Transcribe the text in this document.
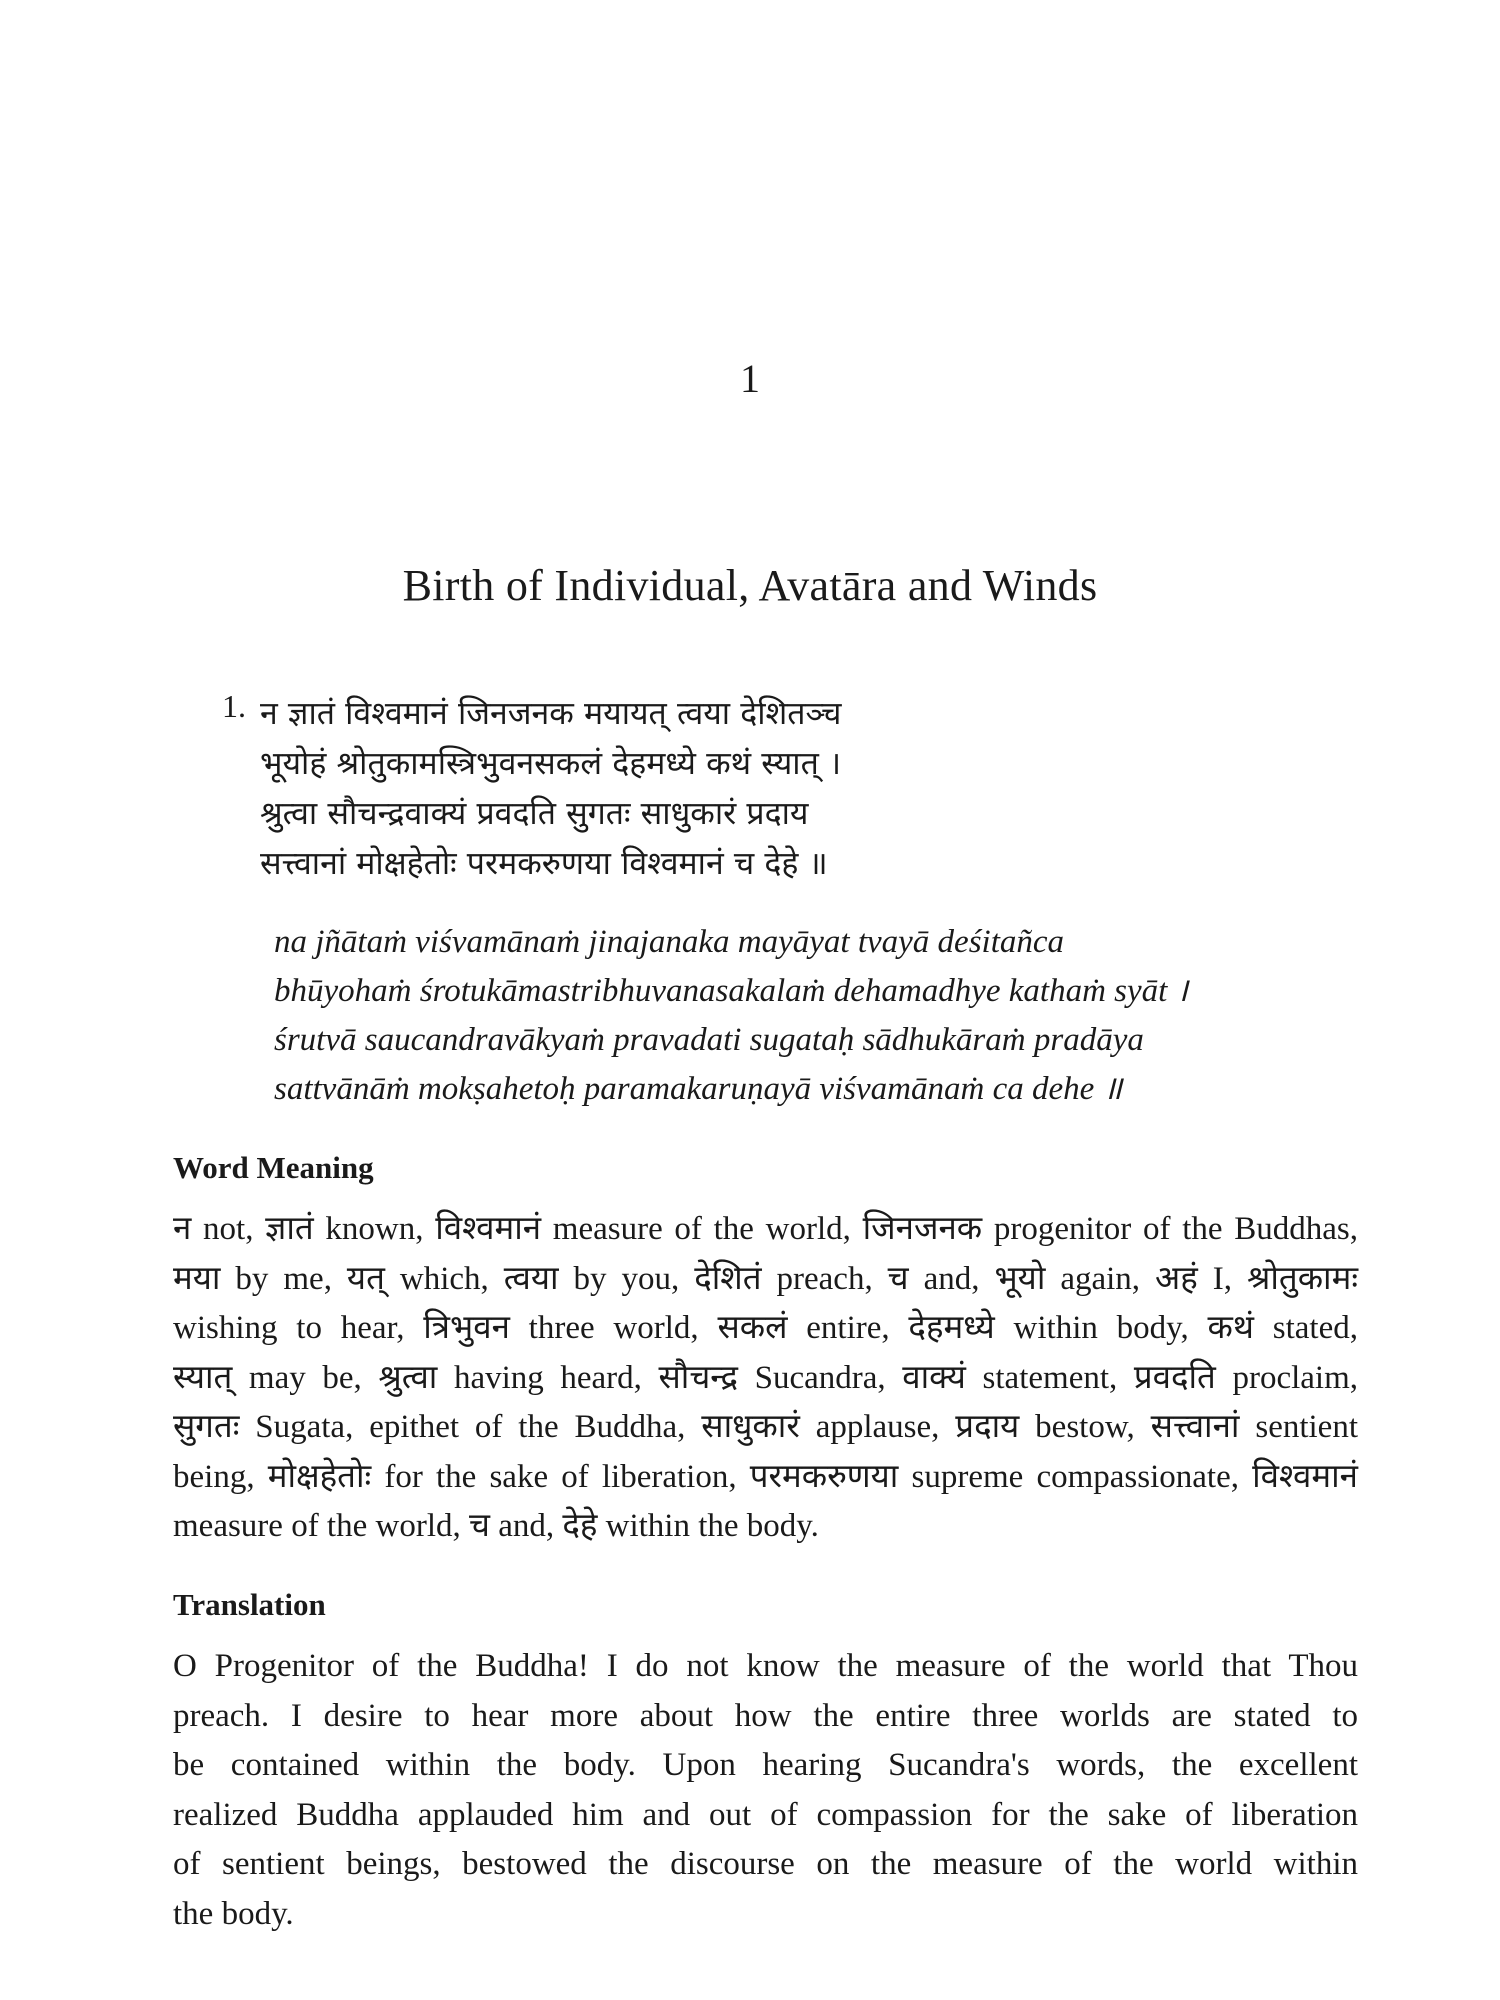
1
Birth of Individual, Avatāra and Winds
1. न ज्ञातं विश्वमानं जिनजनक मयायत् त्वया देशितञ्च
भूयोहं श्रोतुकामस्त्रिभुवनसकलं देहमध्ये कथं स्यात् ।
श्रुत्वा सौचन्द्रवाक्यं प्रवदति सुगतः साधुकारं प्रदाय
सत्त्वानां मोक्षहेतोः परमकरुणया विश्वमानं च देहे ॥
na jñātaṁ viśvamānaṁ jinajanaka mayāyat tvayā deśitañca
bhūyohaṁ śrotukāmastribhuvanasakalaṁ dehamadhye kathaṁ syāt ।
śrutvā saucandravākyaṁ pravadati sugataḥ sādhukāraṁ pradāya
sattvānāṁ mokṣahetoḥ paramakaruṇayā viśvamānaṁ ca dehe ॥
Word Meaning
न not, ज्ञातं known, विश्वमानं measure of the world, जिनजनक progenitor of the Buddhas,
मया by me, यत् which, त्वया by you, देशितं preach, च and, भूयो again, अहं I, श्रोतुकामः
wishing to hear, त्रिभुवन three world, सकलं entire, देहमध्ये within body, कथं stated,
स्यात् may be, श्रुत्वा having heard, सौचन्द्र Sucandra, वाक्यं statement, प्रवदति proclaim,
सुगतः Sugata, epithet of the Buddha, साधुकारं applause, प्रदाय bestow, सत्त्वानां sentient
being, मोक्षहेतोः for the sake of liberation, परमकरुणया supreme compassionate, विश्वमानं
measure of the world, च and, देहे within the body.
Translation
O Progenitor of the Buddha! I do not know the measure of the world that Thou
preach. I desire to hear more about how the entire three worlds are stated to
be contained within the body. Upon hearing Sucandra's words, the excellent
realized Buddha applauded him and out of compassion for the sake of liberation
of sentient beings, bestowed the discourse on the measure of the world within
the body.
